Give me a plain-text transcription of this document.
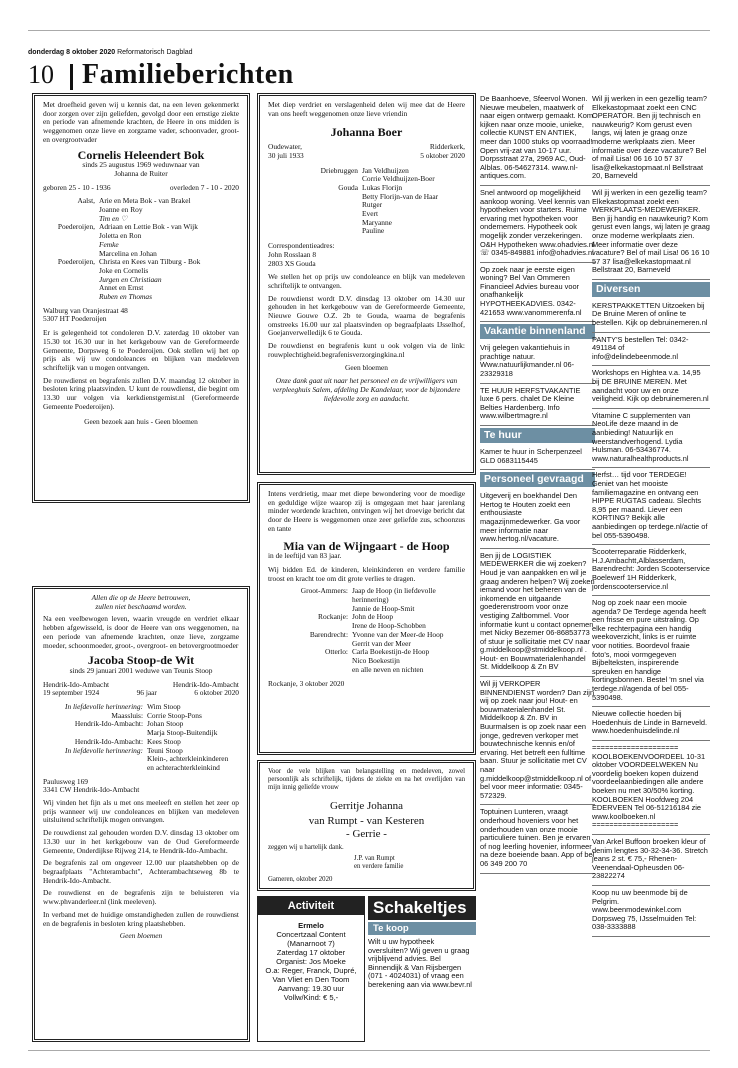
donderdag 8 oktober 2020 Reformatorisch Dagblad
10 Familieberichten

Met droefheid geven wij u kennis dat, na een leven gekenmerkt door zorgen over zijn geliefden, gevolgd door een ernstige ziekte en periode van afnemende krachten, de Heere in ons midden is weggenomen onze lieve en zorgzame vader, schoonvader, groot- en overgrootvader

Cornelis Heleendert Bok
sinds 25 augustus 1969 weduwnaar van
Johanna de Ruiter
geboren 25 - 10 - 1936	overleden 7 - 10 - 2020
Aalst, Arie en Meta Bok - van Brakel
Joanne en Roy
Tim en ♡
Poederoijen, Adriaan en Lettie Bok - van Wijk
Joletta en Ron
Femke
Marcelina en Johan
Poederoijen, Christa en Kees van Tilburg - Bok
Joke en Cornelis
Jurgen en Christiaan
Annet en Ernst
Ruben en Thomas
Walburg van Oranjestraat 48
5307 HT Poederoijen

Er is gelegenheid tot condoleren D.V. zaterdag 10 oktober van 15.30 tot 16.30 uur in het kerkgebouw van de Gereformeerde Gemeente, Dorpsweg 6 te Poederoijen. Ook stellen wij het op prijs als wij uw condoleances en blijken van medeleven schriftelijk van u mogen ontvangen.

De rouwdienst en begrafenis zullen D.V. maandag 12 oktober in besloten kring plaatsvinden. U kunt de rouwdienst, die begint om 13.30 uur volgen via kerkdienstgemist.nl (Gereformeerde Gemeente Poederoijen).

Geen bezoek aan huis - Geen bloemen

Met diep verdriet en verslagenheid delen wij mee dat de Heere van ons heeft weggenomen onze lieve vriendin

Johanna Boer
Oudewater,	Ridderkerk,
30 juli 1933	5 oktober 2020
Driebruggen Jan Veldhuijzen
Corrie Veldhuijzen-Boer
Gouda Lukas Florijn
Betty Florijn-van de Haar
Rutger
Evert
Maryanne
Pauline
Correspondentieadres:
John Rosslaan 8
2803 XS Gouda

We stellen het op prijs uw condoleance en blijk van medeleven schriftelijk te ontvangen.

De rouwdienst wordt D.V. dinsdag 13 oktober om 14.30 uur gehouden in het kerkgebouw van de Gereformeerde Gemeente, Nieuwe Gouwe O.Z. 2b te Gouda, waarna de begrafenis omstreeks 16.00 uur zal plaatsvinden op begraafplaats IJsselhof, Goejanverwelledijk 6 te Gouda.

De rouwdienst en begrafenis kunt u ook volgen via de link: rouwplechtigheid.begrafenisverzorgingkina.nl

Geen bloemen

Onze dank gaat uit naar het personeel en de vrijwilligers van verpleeghuis Salem, afdeling De Kandelaar, voor de bijzondere liefdevolle zorg en aandacht.

Intens verdrietig, maar met diepe bewondering voor de moedige en geduldige wijze waarop zij is omgegaan met haar jarenlang minder wordende krachten, ontvingen wij het droevige bericht dat door de Heere is weggenomen onze zeer geliefde zus, schoonzus en tante

Mia van de Wijngaart - de Hoop
in de leeftijd van 83 jaar.

Wij bidden Ed. de kinderen, kleinkinderen en verdere familie troost en kracht toe om dit grote verlies te dragen.

Groot-Ammers: Jaap de Hoop (in liefdevolle herinnering)
Jannie de Hoop-Smit
Rockanje: John de Hoop
Irene de Hoop-Schobben
Barendrecht: Yvonne van der Meer-de Hoop
Gerrit van der Meer
Otterlo: Carla Boekestijn-de Hoop
Nico Boekestijn
en alle neven en nichten
Rockanje, 3 oktober 2020
Allen die op de Heere betrouwen,
zullen niet beschaamd worden.

Na een veelbewogen leven, waarin vreugde en verdriet elkaar hebben afgewisseld, is door de Heere van ons weggenomen, na een periode van afnemende krachten, onze lieve, zorgzame moeder, schoonmoeder, groot-, overgroot- en betovergrootmoeder

Jacoba Stoop-de Wit
sinds 29 januari 2001 weduwe van Teunis Stoop
Hendrik-Ido-Ambacht	Hendrik-Ido-Ambacht
19 september 1924	96 jaar	6 oktober 2020
In liefdevolle herinnering: Wim Stoop
Maassluis: Corrie Stoop-Pons
Hendrik-Ido-Ambacht: Johan Stoop
Marja Stoop-Buitendijk
Hendrik-Ido-Ambacht: Kees Stoop
In liefdevolle herinnering: Teuni Stoop
Klein-, achterkleinkinderen
en achterachterkleinkind
Paulusweg 169
3341 CW Hendrik-Ido-Ambacht

Wij vinden het fijn als u met ons meeleeft en stellen het zeer op prijs wanneer wij uw condoleances en blijken van medeleven uitsluitend schriftelijk mogen ontvangen.

De rouwdienst zal gehouden worden D.V. dinsdag 13 oktober om 13.30 uur in het kerkgebouw van de Oud Gereformeerde Gemeente, Onderdijkse Rijweg 214, te Hendrik-Ido-Ambacht.

De begrafenis zal om ongeveer 12.00 uur plaatshebben op de begraafplaats "Achterambacht", Achterambachtseweg 8b te Hendrik-Ido-Ambacht.

De rouwdienst en de begrafenis zijn te beluisteren via www.phvanderleer.nl (link meeleven).

In verband met de huidige omstandigheden zullen de rouwdienst en de begrafenis in besloten kring plaatshebben.

Geen bloemen

Voor de vele blijken van belangstelling en medeleven, zowel persoonlijk als schriftelijk, tijdens de ziekte en na het overlijden van mijn innig geliefde vrouw

Gerritje Johanna
van Rumpt - van Kesteren
- Gerrie -
zeggen wij u hartelijk dank.
J.P. van Rumpt
en verdere familie
Gameren, oktober 2020
Activiteit
Ermelo
Concertzaal Content
(Manarnoot 7)
Zaterdag 17 oktober
Organist: Jos Moeke
O.a: Reger, Franck, Dupré,
Van Vliet en Den Toom
Aanvang: 19.30 uur
Vollw/Kind: € 5,-
Schakeltjes
Te koop
Wilt u uw hypotheek oversluiten? Wij geven u graag vrijblijvend advies. Bel Binnendijk & Van Rijsbergen (071 - 4024031) of vraag een berekening aan via www.bevr.nl
De Baanhoeve, Sfeervol Wonen. Nieuwe meubelen, maatwerk of naar eigen ontwerp gemaakt. Kom kijken naar onze mooie, unieke, collectie KUNST EN ANTIEK, meer dan 1000 stuks op voorraad! Open vrij-zat van 10-17 uur. Dorpsstraat 27a, 2969 AC, Oud-Alblas. 06-54627314. www.nl-antiques.com.
Snel antwoord op mogelijkheid aankoop woning. Veel kennis van hypotheken voor starters. Ruime ervaring met hypotheken voor ondernemers. Hypotheek ook mogelijk zonder verzekeringen. O&H Hypotheken www.ohadvies.nl ☏ 0345-849881 info@ohadvies.nl
Op zoek naar je eerste eigen woning? Bel Van Ommeren Financieel Advies bureau voor onafhankelijk HYPOTHEEKADVIES. 0342-421653 www.vanommerenfa.nl
Vakantie binnenland
Vrij gelegen vakantiehuis in prachtige natuur. Www.natuurlijkmander.nl 06-23329318
TE HUUR HERFSTVAKANTIE luxe 6 pers. chalet De Kleine Belties Hardenberg. Info www.wilbertmagre.nl
Te huur
Kamer te huur in Scherpenzeel GLD 0683115445
Personeel gevraagd
Uitgeverij en boekhandel Den Hertog te Houten zoekt een enthousiaste magazijnmedewerker. Ga voor meer informatie naar www.hertog.nl/vacature.
Ben jij de LOGISTIEK MEDEWERKER die wij zoeken? Houd je van aanpakken en wil je graag anderen helpen? Wij zoeken iemand voor het beheren van de inkomende en uitgaande goederenstroom voor onze vestiging Zaltbommel. Voor informatie kunt u contact opnemen met Nicky Bezemer 06-86853773 of stuur je sollicitatie met CV naar g.middelkoop@stmiddelkoop.nl . Hout- en Bouwmaterialenhandel St. Middelkoop & Zn BV
Wil jij VERKOPER BINNENDIENST worden? Dan zijn wij op zoek naar jou! Hout- en bouwmaterialenhandel St. Middelkoop & Zn. BV in Buurmalsen is op zoek naar een jonge, gedreven verkoper met bouwtechnische kennis en/of ervaring. Het betreft een fulltime baan. Stuur je sollicitatie met CV naar g.middelkoop@stmiddelkoop.nl of bel voor meer informatie: 0345-572329.
Toptuinen Lunteren, vraagt onderhoud hoveniers voor het onderhouden van onze mooie particuliere tuinen. Ben je ervaren of nog leerling hovenier, informeer na deze boeiende baan. App of bel 06 349 200 70
Wil jij werken in een gezellig team? Elkekastopmaat zoekt een CNC OPERATOR. Ben jij technisch en nauwkeurig? Kom gerust even langs, wij laten je graag onze moderne werkplaats zien. Meer informatie over deze vacature? Bel of mail Lisa! 06 16 10 57 37 lisa@elkekastopmaat.nl Bellstraat 20, Barneveld
Wil jij werken in een gezellig team? Elkekastopmaat zoekt een WERKPLAATS-MEDEWERKER. Ben jij handig en nauwkeurig? Kom gerust even langs, wij laten je graag onze moderne werkplaats zien. Meer informatie over deze vacature? Bel of mail Lisa! 06 16 10 57 37 lisa@elkekastopmaat.nl Bellstraat 20, Barneveld
Diversen
KERSTPAKKETTEN Uitzoeken bij De Bruine Meren of online te bestellen. Kijk op debruinemeren.nl
PANTY'S bestellen Tel: 0342-491184 of info@delindebeenmode.nl
Workshops en Hightea v.a. 14,95 bij DE BRUINE MEREN. Met aandacht voor uw en onze veiligheid. Kijk op debruinemeren.nl
Vitamine C supplementen van NeoLife deze maand in de aanbieding! Natuurlijk en weerstandverhogend. Lydia Hulsman. 06-53436774. www.naturalhealthproducts.nl
Herfst… tijd voor TERDEGE! Geniet van het mooiste familiemagazine en ontvang een HIPPE RUGTAS cadeau. Slechts 8,95 per maand. Liever een KORTING? Bekijk alle aanbiedingen op terdege.nl/actie of bel 055-5390498.
Scooterreparatie Ridderkerk, H.J.Ambachtt,Alblasserdam, Barendrecht: Jorden Scooterservice Boelewerf 1H Ridderkerk, jordenscooterservice.nl
Nog op zoek naar een mooie agenda? De Terdege agenda heeft een frisse en pure uitstraling. Op elke rechterpagina een handig weekoverzicht, links is er ruimte voor notities. Boordevol fraaie foto's, mooi vormgegeven Bijbelteksten, inspirerende spreuken en handige kortingsbonnen. Bestel 'm snel via terdege.nl/agenda of bel 055-5390498.
Nieuwe collectie hoeden bij Hoedenhuis de Linde in Barneveld. www.hoedenhuisdelinde.nl
==================== KOOLBOEKENVOORDEEL 10-31 oktober VOORDEELWEKEN Nu voordelig boeken kopen duizend voordeelaanbiedingen alle andere boeken nu met 30/50% korting. KOOLBOEKEN Hoofdweg 204 EDERVEEN Tel 06-51216184 zie www.koolboeken.nl ====================
Van Arkel Buffoon broeken kleur of denim lengtes 30-32-34-36. Stretch jeans 2 st. € 75,- Rhenen-Veenendaal-Opheusden 06-23822274
Koop nu uw beenmode bij de Pelgrim. www.beenmodewinkel.com Dorpsweg 75, IJsselmuiden Tel: 038-3333888
